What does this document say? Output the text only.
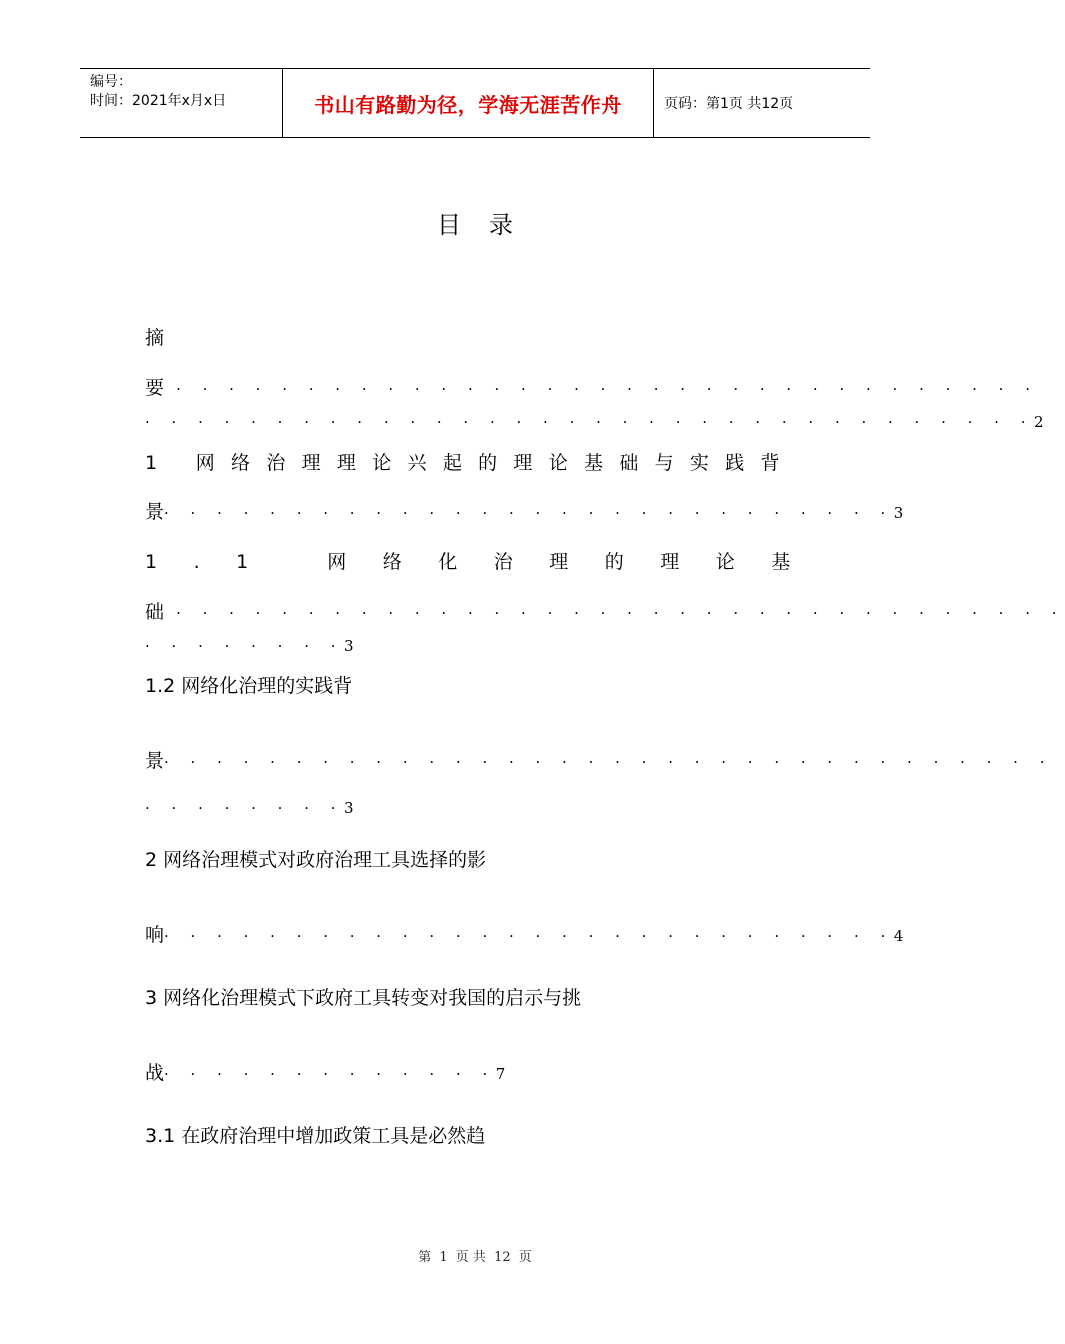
编号：
时间：2021年x月x日	书山有路勤为径，学海无涯苦作舟	页码：第1页 共12页
目录
摘
要 · · · · · · · · · · · · · · · · · · · · · · · · · · · · · · · · ·
· · · · · · · · · · · · · · · · · · · · · · · · · · · · · · · · · ·2
1 网络治理理论兴起的理论基础与实践背
景· · · · · · · · · · · · · · · · · · · · · · · · · · · ·3
1.1 网络化治理的理论基
础 · · · · · · · · · · · · · · · · · · · · · · · · · · · · · · · · · ·
· · · · · · · ·3
1.2 网络化治理的实践背
景· · · · · · · · · · · · · · · · · · · · · · · · · · · · · · · · · ·
· · · · · · · ·3
2 网络治理模式对政府治理工具选择的影
响· · · · · · · · · · · · · · · · · · · · · · · · · · · ·4
3 网络化治理模式下政府工具转变对我国的启示与挑
战· · · · · · · · · · · · ·7
3.1 在政府治理中增加政策工具是必然趋
第 1 页 共 12 页
